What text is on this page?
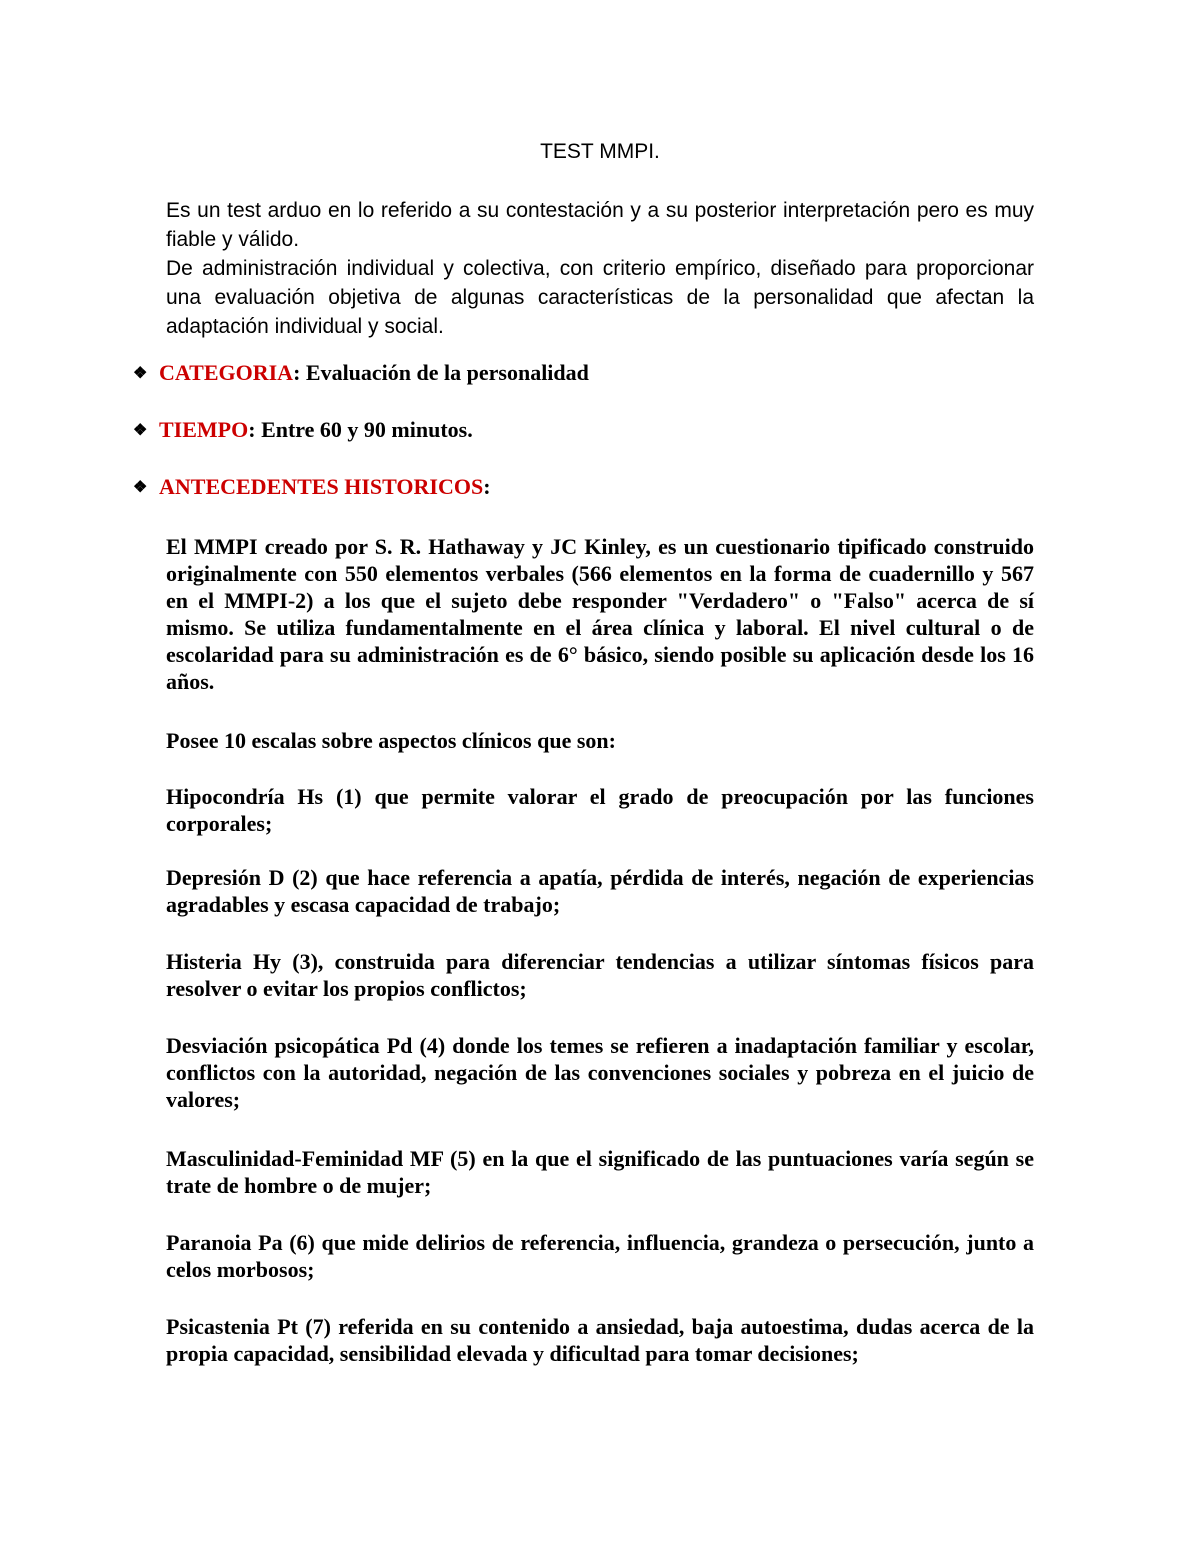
TEST MMPI.

Es un test arduo en lo referido a su contestación y a su posterior interpretación pero es muy fiable y válido.

De administración individual y colectiva, con criterio empírico, diseñado para proporcionar una evaluación objetiva de algunas características de la personalidad que afectan la adaptación individual y social.

❖ CATEGORIA: Evaluación de la personalidad
❖ TIEMPO: Entre 60 y 90 minutos.
❖ ANTECEDENTES HISTORICOS:

El MMPI creado por S. R. Hathaway y JC Kinley, es un cuestionario tipificado construido originalmente con 550 elementos verbales (566 elementos en la forma de cuadernillo y 567 en el MMPI-2) a los que el sujeto debe responder "Verdadero" o "Falso" acerca de sí mismo. Se utiliza fundamentalmente en el área clínica y laboral. El nivel cultural o de escolaridad para su administración es de 6° básico, siendo posible su aplicación desde los 16 años.

Posee 10 escalas sobre aspectos clínicos que son:

Hipocondría Hs (1) que permite valorar el grado de preocupación por las funciones corporales;

Depresión D (2) que hace referencia a apatía, pérdida de interés, negación de experiencias agradables y escasa capacidad de trabajo;

Histeria Hy (3), construida para diferenciar tendencias a utilizar síntomas físicos para resolver o evitar los propios conflictos;

Desviación psicopática Pd (4) donde los temes se refieren a inadaptación familiar y escolar, conflictos con la autoridad, negación de las convenciones sociales y pobreza en el juicio de valores;

Masculinidad-Feminidad MF (5) en la que el significado de las puntuaciones varía según se trate de hombre o de mujer;

Paranoia Pa (6) que mide delirios de referencia, influencia, grandeza o persecución, junto a celos morbosos;

Psicastenia Pt (7) referida en su contenido a ansiedad, baja autoestima, dudas acerca de la propia capacidad, sensibilidad elevada y dificultad para tomar decisiones;
